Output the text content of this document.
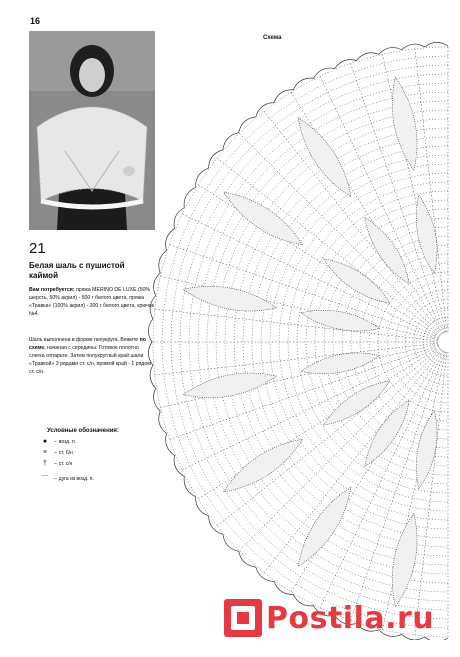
16
Схема
21
Белая шаль с пушистой каймой
Вам потребуется: пряжа MERINO DE LUXE (50% шерсть, 50% акрил) - 500 г белого цвета, пряжа «Травка» (100% акрил) - 200 г белого цвета, крючок №4.
Шаль выполнена в форме полукруга. Вяжите по схеме, начиная с середины. Готовое полотно слегка отпарьте. Затем полукруглый край шали «Травкой» 3 рядами ст. с/н, прямой край - 1 рядом ст. с/н.
Условные обозначения:
●	– возд. п.
×	– ст. б/н
†	– ст. с/н
⌒	– дуга из возд. п.
Postila.ru
